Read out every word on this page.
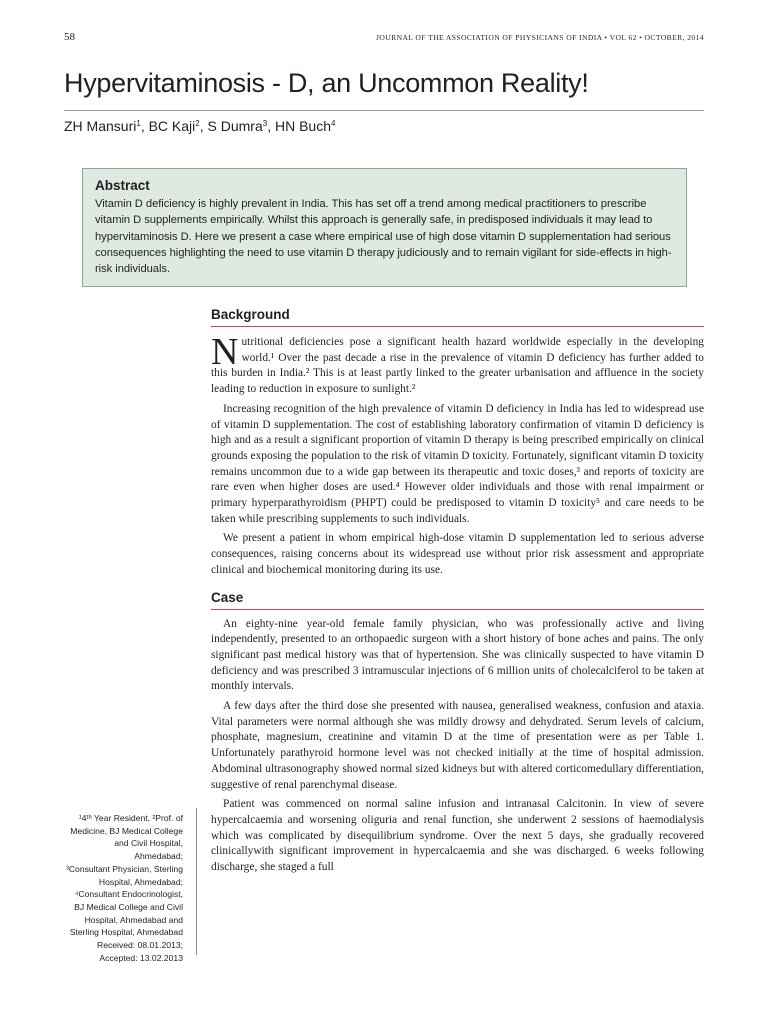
58	JOURNAL OF THE ASSOCIATION OF PHYSICIANS OF INDIA • VOL 62 • OCTOBER, 2014
Hypervitaminosis - D, an Uncommon Reality!
ZH Mansuri$^1$, BC Kaji$^2$, S Dumra$^3$, HN Buch$^4$
Abstract

Vitamin D deficiency is highly prevalent in India. This has set off a trend among medical practitioners to prescribe vitamin D supplements empirically. Whilst this approach is generally safe, in predisposed individuals it may lead to hypervitaminosis D. Here we present a case where empirical use of high dose vitamin D supplementation had serious consequences highlighting the need to use vitamin D therapy judiciously and to remain vigilant for side-effects in high-risk individuals.

Background

Nutritional deficiencies pose a significant health hazard worldwide especially in the developing world.¹ Over the past decade a rise in the prevalence of vitamin D deficiency has further added to this burden in India.² This is at least partly linked to the greater urbanisation and affluence in the society leading to reduction in exposure to sunlight.²

Increasing recognition of the high prevalence of vitamin D deficiency in India has led to widespread use of vitamin D supplementation. The cost of establishing laboratory confirmation of vitamin D deficiency is high and as a result a significant proportion of vitamin D therapy is being prescribed empirically on clinical grounds exposing the population to the risk of vitamin D toxicity. Fortunately, significant vitamin D toxicity remains uncommon due to a wide gap between its therapeutic and toxic doses,³ and reports of toxicity are rare even when higher doses are used.⁴ However older individuals and those with renal impairment or primary hyperparathyroidism (PHPT) could be predisposed to vitamin D toxicity⁵ and care needs to be taken while prescribing supplements to such individuals.

We present a patient in whom empirical high-dose vitamin D supplementation led to serious adverse consequences, raising concerns about its widespread use without prior risk assessment and appropriate clinical and biochemical monitoring during its use.

Case

An eighty-nine year-old female family physician, who was professionally active and living independently, presented to an orthopaedic surgeon with a short history of bone aches and pains. The only significant past medical history was that of hypertension. She was clinically suspected to have vitamin D deficiency and was prescribed 3 intramuscular injections of 6 million units of cholecalciferol to be taken at monthly intervals.

A few days after the third dose she presented with nausea, generalised weakness, confusion and ataxia. Vital parameters were normal although she was mildly drowsy and dehydrated. Serum levels of calcium, phosphate, magnesium, creatinine and vitamin D at the time of presentation were as per Table 1. Unfortunately parathyroid hormone level was not checked initially at the time of hospital admission. Abdominal ultrasonography showed normal sized kidneys but with altered corticomedullary differentiation, suggestive of renal parenchymal disease.

Patient was commenced on normal saline infusion and intranasal Calcitonin. In view of severe hypercalcaemia and worsening oliguria and renal function, she underwent 2 sessions of haemodialysis which was complicated by disequilibrium syndrome. Over the next 5 days, she gradually recovered clinicallywith significant improvement in hypercalcaemia and she was discharged. 6 weeks following discharge, she staged a full

¹4ᵗʰ Year Resident, ²Prof. of
Medicine, BJ Medical College
and Civil Hospital, Ahmedabad;
³Consultant Physician, Sterling
Hospital, Ahmedabad;
⁴Consultant Endocrinologist,
BJ Medical College and Civil
Hospital, Ahmedabad and
Sterling Hospital, Ahmedabad
Received: 08.01.2013;
Accepted: 13.02.2013
